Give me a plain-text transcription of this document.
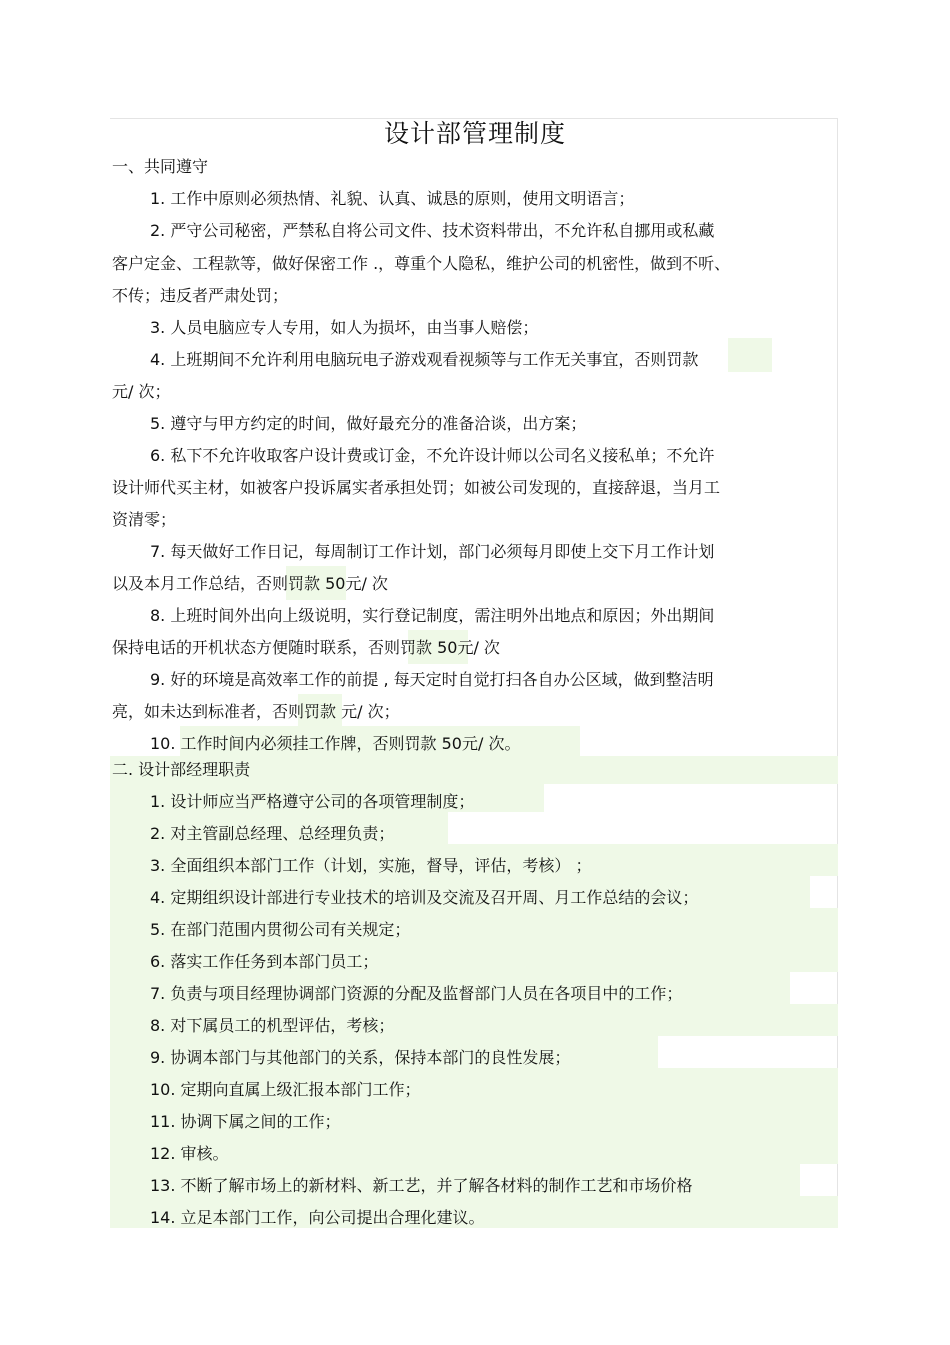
设计部管理制度
一、共同遵守
1. 工作中原则必须热情、礼貌、认真、诚恳的原则，使用文明语言；
2. 严守公司秘密，严禁私自将公司文件、技术资料带出，不允许私自挪用或私藏
客户定金、工程款等，做好保密工作 .，尊重个人隐私，维护公司的机密性，做到不听、
不传；违反者严肃处罚；
3. 人员电脑应专人专用，如人为损坏，由当事人赔偿；
4. 上班期间不允许利用电脑玩电子游戏观看视频等与工作无关事宜，否则罚款
元/ 次；
5. 遵守与甲方约定的时间，做好最充分的准备洽谈，出方案；
6. 私下不允许收取客户设计费或订金，不允许设计师以公司名义接私单；不允许
设计师代买主材，如被客户投诉属实者承担处罚；如被公司发现的，直接辞退，当月工
资清零；
7. 每天做好工作日记，每周制订工作计划，部门必须每月即使上交下月工作计划
以及本月工作总结，否则罚款 50元/ 次
8. 上班时间外出向上级说明，实行登记制度，需注明外出地点和原因；外出期间
保持电话的开机状态方便随时联系，否则罚款 50元/ 次
9. 好的环境是高效率工作的前提 , 每天定时自觉打扫各自办公区域，做到整洁明
亮，如未达到标准者，否则罚款 元/ 次；
10. 工作时间内必须挂工作牌，否则罚款 50元/ 次。
二. 设计部经理职责
1. 设计师应当严格遵守公司的各项管理制度；
2. 对主管副总经理、总经理负责；
3. 全面组织本部门工作（计划，实施，督导，评估，考核） ；
4. 定期组织设计部进行专业技术的培训及交流及召开周、月工作总结的会议；
5. 在部门范围内贯彻公司有关规定；
6. 落实工作任务到本部门员工；
7. 负责与项目经理协调部门资源的分配及监督部门人员在各项目中的工作；
8. 对下属员工的机型评估，考核；
9. 协调本部门与其他部门的关系，保持本部门的良性发展；
10. 定期向直属上级汇报本部门工作；
11. 协调下属之间的工作；
12. 审核。
13. 不断了解市场上的新材料、新工艺，并了解各材料的制作工艺和市场价格
14. 立足本部门工作，向公司提出合理化建议。
